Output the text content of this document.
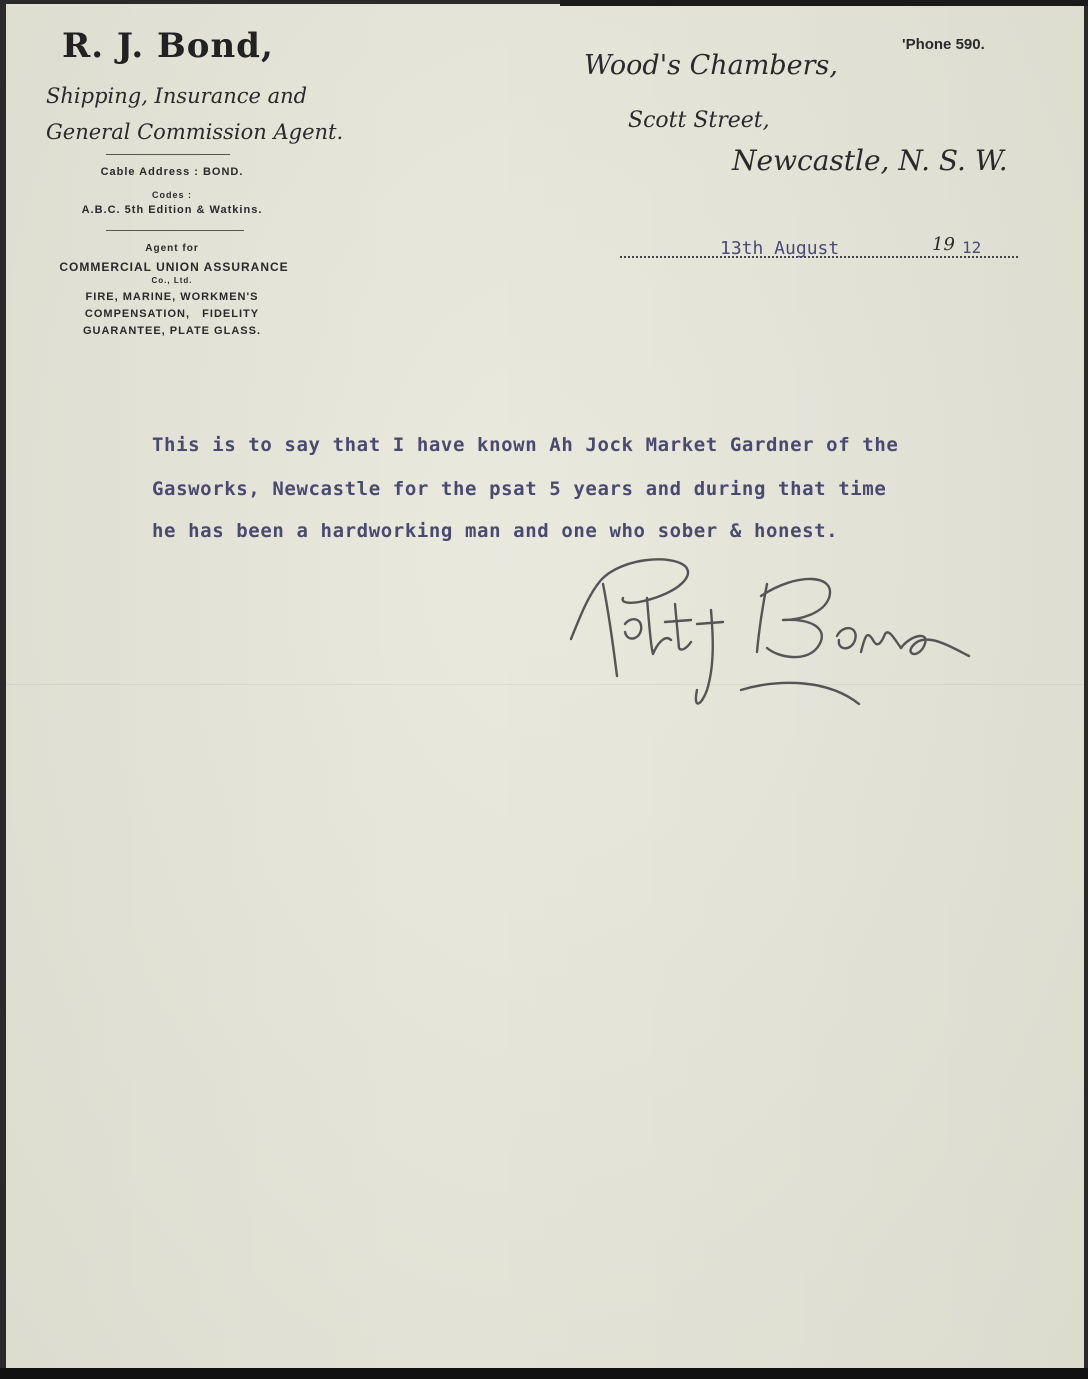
R. J. Bond,
Shipping, Insurance and
General Commission Agent.
Cable Address : BOND.
Codes :
A.B.C. 5th Edition & Watkins.
Agent for
COMMERCIAL UNION ASSURANCE
Co., Ltd.
FIRE, MARINE, WORKMEN'S
COMPENSATION,   FIDELITY
GUARANTEE, PLATE GLASS.
Wood's Chambers,
Scott Street,
Newcastle, N. S. W.
'Phone 590.
13th August	19 12
This is to say that I have known Ah Jock Market Gardner of the
Gasworks, Newcastle for the psat 5 years and during that time
he has been a hardworking man and one who sober & honest.
